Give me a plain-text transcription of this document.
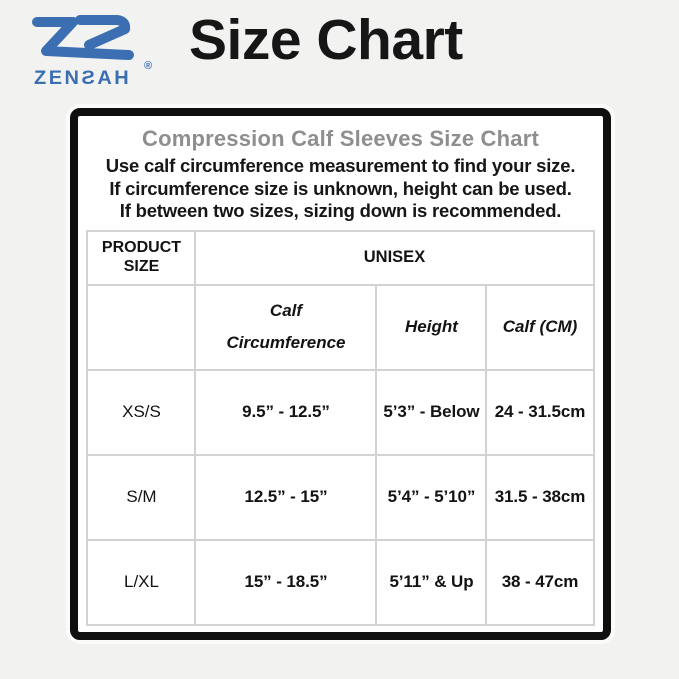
ZENƧAH
® Size Chart
Compression Calf Sleeves Size Chart
Use calf circumference measurement to find your size.
If circumference size is unknown, height can be used.
If between two sizes, sizing down is recommended.
PRODUCT SIZE	UNISEX		

	Calf Circumference	Height	Calf (CM)
XS/S	9.5” - 12.5”	5’3” - Below	24 - 31.5cm
S/M	12.5” - 15”	5’4” - 5’10”	31.5 - 38cm
L/XL	15” - 18.5”	5’11” & Up	38 - 47cm
